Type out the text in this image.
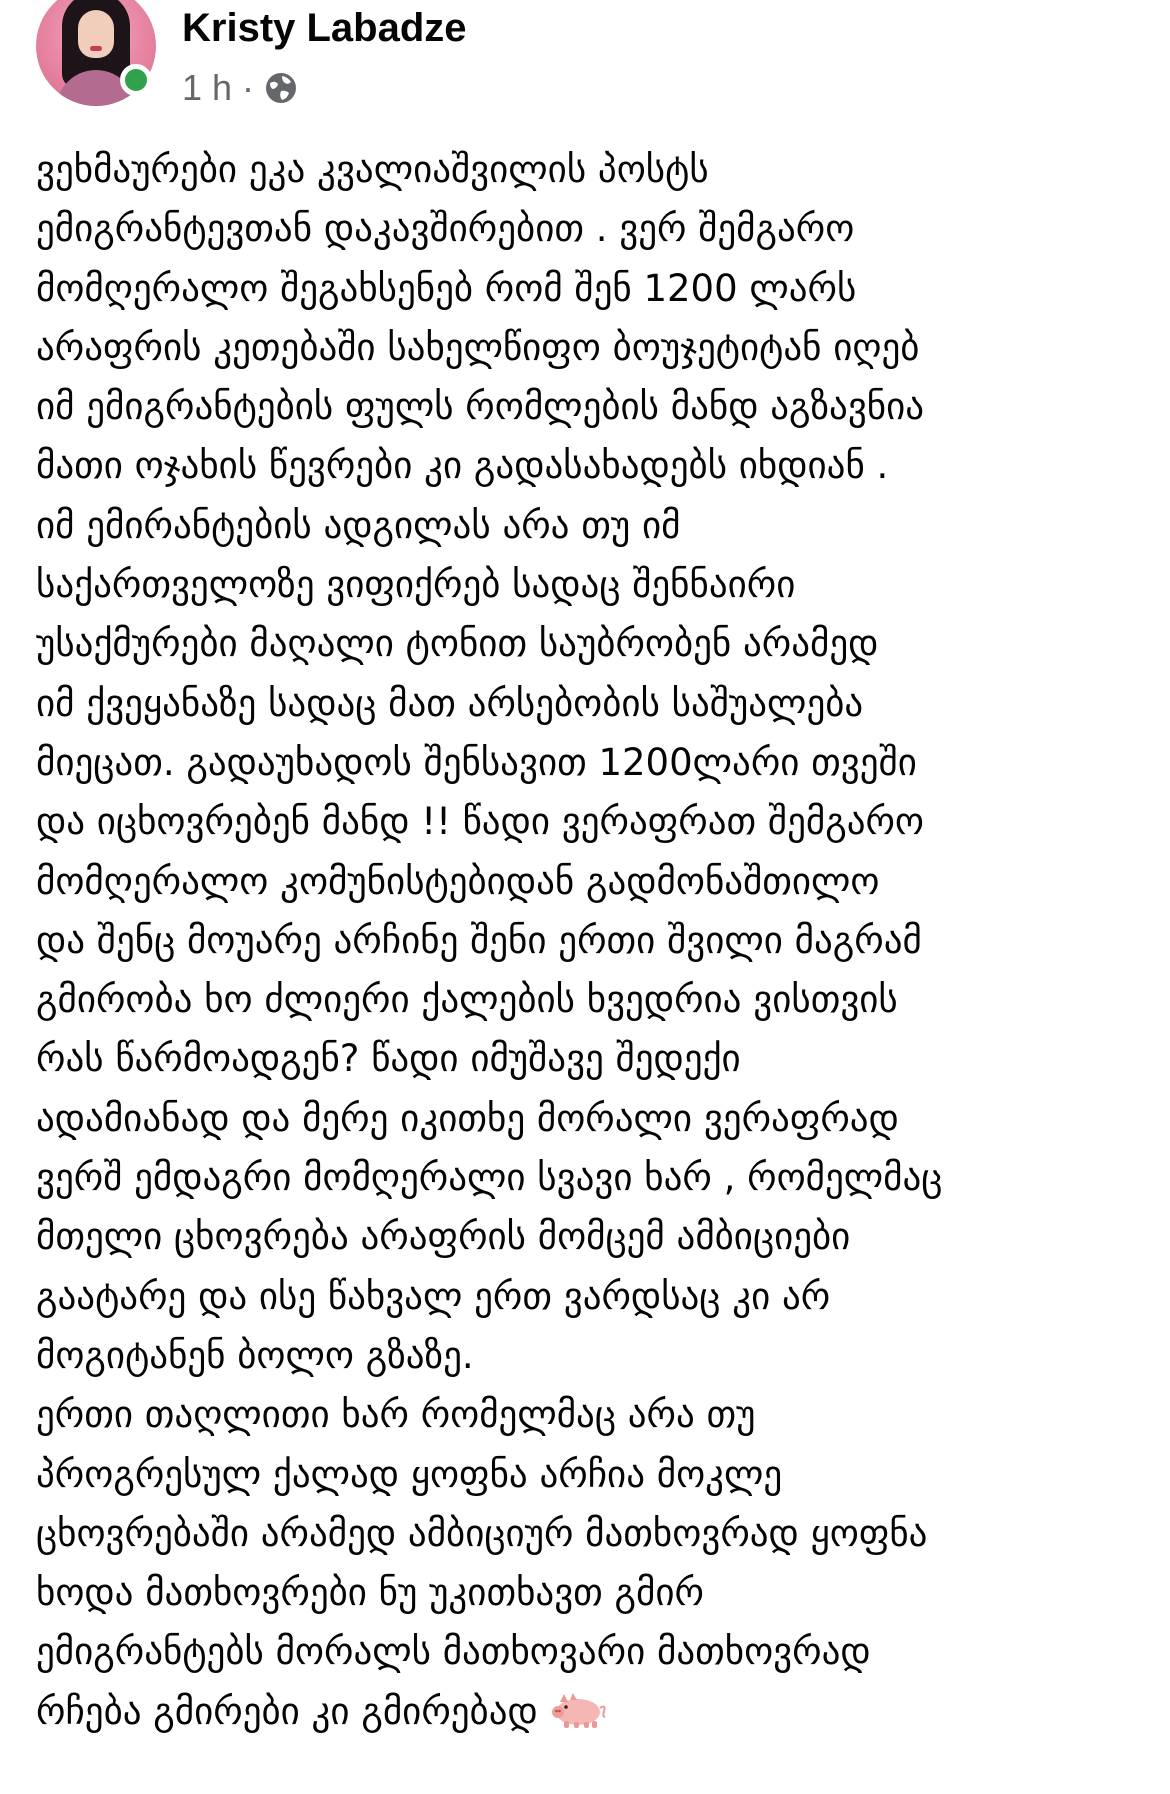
Kristy Labadze
1 h ·
ვეხმაურები ეკა კვალიაშვილის პოსტს
ემიგრანტევთან დაკავშირებით . ვერ შემგარო
მომღერალო შეგახსენებ რომ შენ 1200 ლარს
არაფრის კეთებაში სახელწიფო ბოუჯეტიტან იღებ
იმ ემიგრანტების ფულს რომლების მანდ აგზავნია
მათი ოჯახის წევრები კი გადასახადებს იხდიან .
იმ ემირანტების ადგილას არა თუ იმ
საქართველოზე ვიფიქრებ სადაც შენნაირი
უსაქმურები მაღალი ტონით საუბრობენ არამედ
იმ ქვეყანაზე სადაც მათ არსებობის საშუალება
მიეცათ. გადაუხადოს შენსავით 1200ლარი თვეში
და იცხოვრებენ მანდ !! წადი ვერაფრათ შემგარო
მომღერალო კომუნისტებიდან გადმონაშთილო
და შენც მოუარე არჩინე შენი ერთი შვილი მაგრამ
გმირობა ხო ძლიერი ქალების ხვედრია ვისთვის
რას წარმოადგენ? წადი იმუშავე შედექი
ადამიანად და მერე იკითხე მორალი ვერაფრად
ვერშ ემდაგრი მომღერალი სვავი ხარ , რომელმაც
მთელი ცხოვრება არაფრის მომცემ ამბიციები
გაატარე და ისე წახვალ ერთ ვარდსაც კი არ
მოგიტანენ ბოლო გზაზე.
ერთი თაღლითი ხარ რომელმაც არა თუ
პროგრესულ ქალად ყოფნა არჩია მოკლე
ცხოვრებაში არამედ ამბიციურ მათხოვრად ყოფნა
ხოდა მათხოვრები ნუ უკითხავთ გმირ
ემიგრანტებს მორალს მათხოვარი მათხოვრად
რჩება გმირები კი გმირებად
